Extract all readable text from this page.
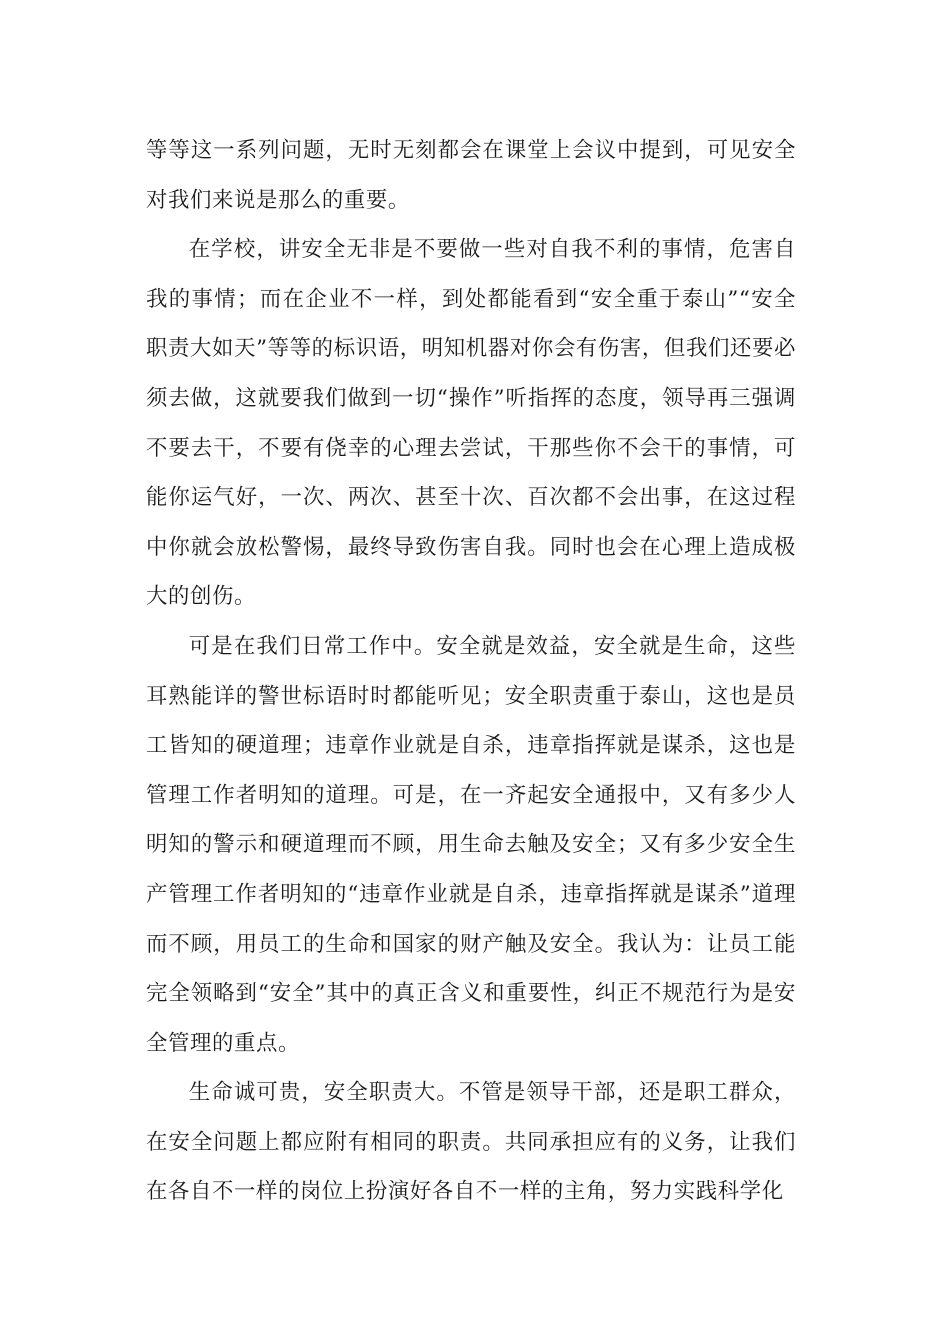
等等这一系列问题，无时无刻都会在课堂上会议中提到，可见安全对我们来说是那么的重要。

在学校，讲安全无非是不要做一些对自我不利的事情，危害自我的事情；而在企业不一样，到处都能看到“安全重于泰山”“安全职责大如天”等等的标识语，明知机器对你会有伤害，但我们还要必须去做，这就要我们做到一切“操作”听指挥的态度，领导再三强调不要去干，不要有侥幸的心理去尝试，干那些你不会干的事情，可能你运气好，一次、两次、甚至十次、百次都不会出事，在这过程中你就会放松警惕，最终导致伤害自我。同时也会在心理上造成极大的创伤。

可是在我们日常工作中。安全就是效益，安全就是生命，这些耳熟能详的警世标语时时都能听见；安全职责重于泰山，这也是员工皆知的硬道理；违章作业就是自杀，违章指挥就是谋杀，这也是管理工作者明知的道理。可是，在一齐起安全通报中，又有多少人明知的警示和硬道理而不顾，用生命去触及安全；又有多少安全生产管理工作者明知的“违章作业就是自杀，违章指挥就是谋杀”道理而不顾，用员工的生命和国家的财产触及安全。我认为：让员工能完全领略到“安全”其中的真正含义和重要性，纠正不规范行为是安全管理的重点。

生命诚可贵，安全职责大。不管是领导干部，还是职工群众，在安全问题上都应附有相同的职责。共同承担应有的义务，让我们在各自不一样的岗位上扮演好各自不一样的主角，努力实践科学化
